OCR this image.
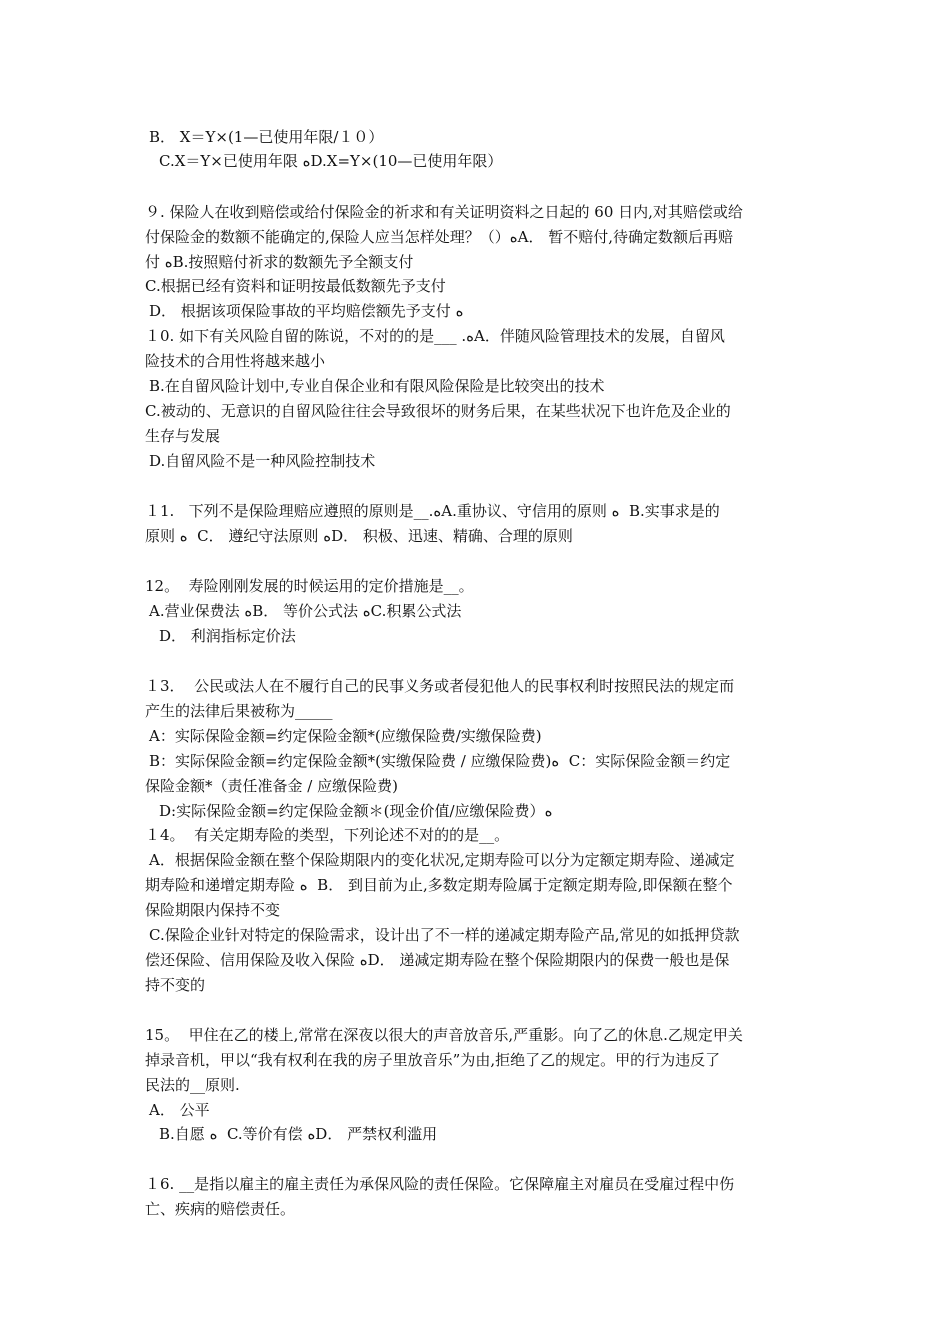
B． X＝Y×(1—已使用年限/１０）
C.X＝Y×已使用年限 ﻩD.X=Y×(10—已使用年限）
９. 保险人在收到赔偿或给付保险金的祈求和有关证明资料之日起的 60 日内,对其赔偿或给
付保险金的数额不能确定的,保险人应当怎样处理？（）ﻩA． 暂不赔付,待确定数额后再赔
付 ﻩB.按照赔付祈求的数额先予全额支付
C.根据已经有资料和证明按最低数额先予支付
D． 根据该项保险事故的平均赔偿额先予支付 ﻩ
１0. 如下有关风险自留的陈说，不对的的是___ .ﻩA．伴随风险管理技术的发展，自留风
险技术的合用性将越来越小
B.在自留风险计划中,专业自保企业和有限风险保险是比较突出的技术
C.被动的、无意识的自留风险往往会导致很坏的财务后果，在某些状况下也许危及企业的
生存与发展
D.自留风险不是一种风险控制技术
１1.   下列不是保险理赔应遵照的原则是__.ﻩA.重协议、守信用的原则 ﻩ  B.实事求是的
原则 ﻩ  C． 遵纪守法原则 ﻩD． 积极、迅速、精确、合理的原则
12。  寿险刚刚发展的时候运用的定价措施是__。
A.营业保费法 ﻩB． 等价公式法 ﻩC.积累公式法
D． 利润指标定价法
１3．  公民或法人在不履行自己的民事义务或者侵犯他人的民事权利时按照民法的规定而
产生的法律后果被称为_____
A：实际保险金额=约定保险金额*(应缴保险费/实缴保险费)
B：实际保险金额=约定保险金额*(实缴保险费 / 应缴保险费)ﻩ  C：实际保险金额＝约定
保险金额*（责任准备金 / 应缴保险费)
D:实际保险金额=约定保险金额＊(现金价值/应缴保险费）ﻩ
１4。  有关定期寿险的类型，下列论述不对的的是__。
A．根据保险金额在整个保险期限内的变化状况,定期寿险可以分为定额定期寿险、递减定
期寿险和递增定期寿险 ﻩ  B． 到目前为止,多数定期寿险属于定额定期寿险,即保额在整个
保险期限内保持不变
C.保险企业针对特定的保险需求，设计出了不一样的递减定期寿险产品,常见的如抵押贷款
偿还保险、信用保险及收入保险 ﻩD． 递减定期寿险在整个保险期限内的保费一般也是保
持不变的
15。  甲住在乙的楼上,常常在深夜以很大的声音放音乐,严重影。向了乙的休息.乙规定甲关
掉录音机，甲以“我有权利在我的房子里放音乐”为由,拒绝了乙的规定。甲的行为违反了
民法的__原则.
A． 公平
B.自愿 ﻩ  C.等价有偿 ﻩD． 严禁权利滥用
１6. __是指以雇主的雇主责任为承保风险的责任保险。它保障雇主对雇员在受雇过程中伤
亡、疾病的赔偿责任。
